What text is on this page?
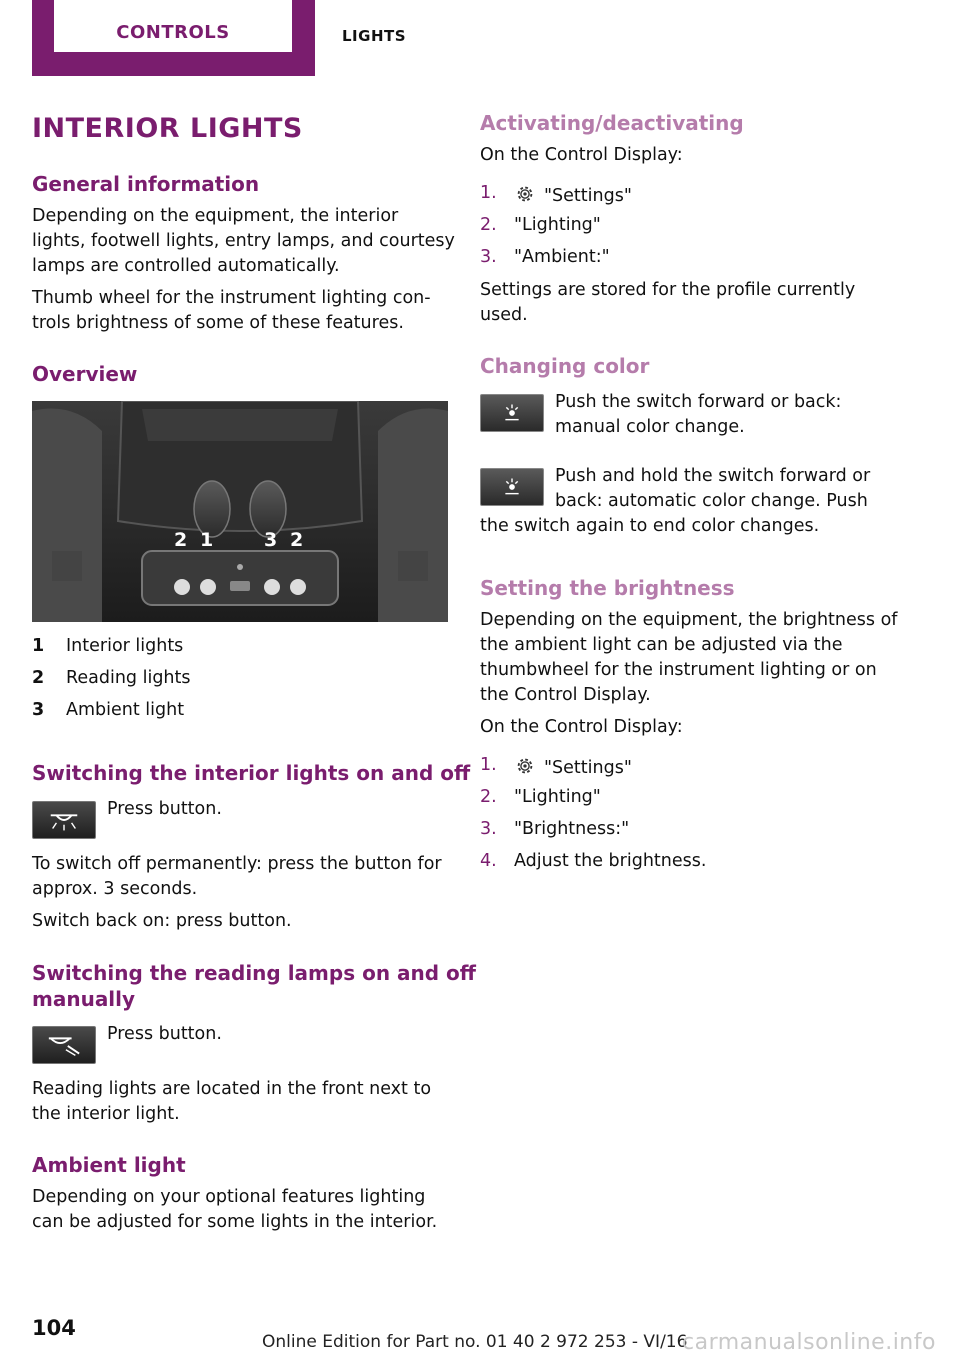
CONTROLS	LIGHTS
INTERIOR LIGHTS
General information
Depending on the equipment, the interior
lights, footwell lights, entry lamps, and courtesy
lamps are controlled automatically.
Thumb wheel for the instrument lighting con‐
trols brightness of some of these features.
Overview
2 1	3 2
1 Interior lights
2 Reading lights
3 Ambient light
Switching the interior lights on and off
Press button.
To switch off permanently: press the button for
approx. 3 seconds.
Switch back on: press button.
Switching the reading lamps on and off
manually
Press button.
Reading lights are located in the front next to
the interior light.
Ambient light
Depending on your optional features lighting
can be adjusted for some lights in the interior.
Activating/deactivating
On the Control Display:
1.	"Settings"
2. "Lighting"
3. "Ambient:"
Settings are stored for the profile currently
used.
Changing color
Push the switch forward or back:
manual color change.
Push and hold the switch forward or
back: automatic color change. Push
the switch again to end color changes.
Setting the brightness
Depending on the equipment, the brightness of
the ambient light can be adjusted via the
thumbwheel for the instrument lighting or on
the Control Display.
On the Control Display:
1.	"Settings"
2. "Lighting"
3. "Brightness:"
4. Adjust the brightness.
104
Online Edition for Part no. 01 40 2 972 253 - VI/16
carmanualsonline.info
